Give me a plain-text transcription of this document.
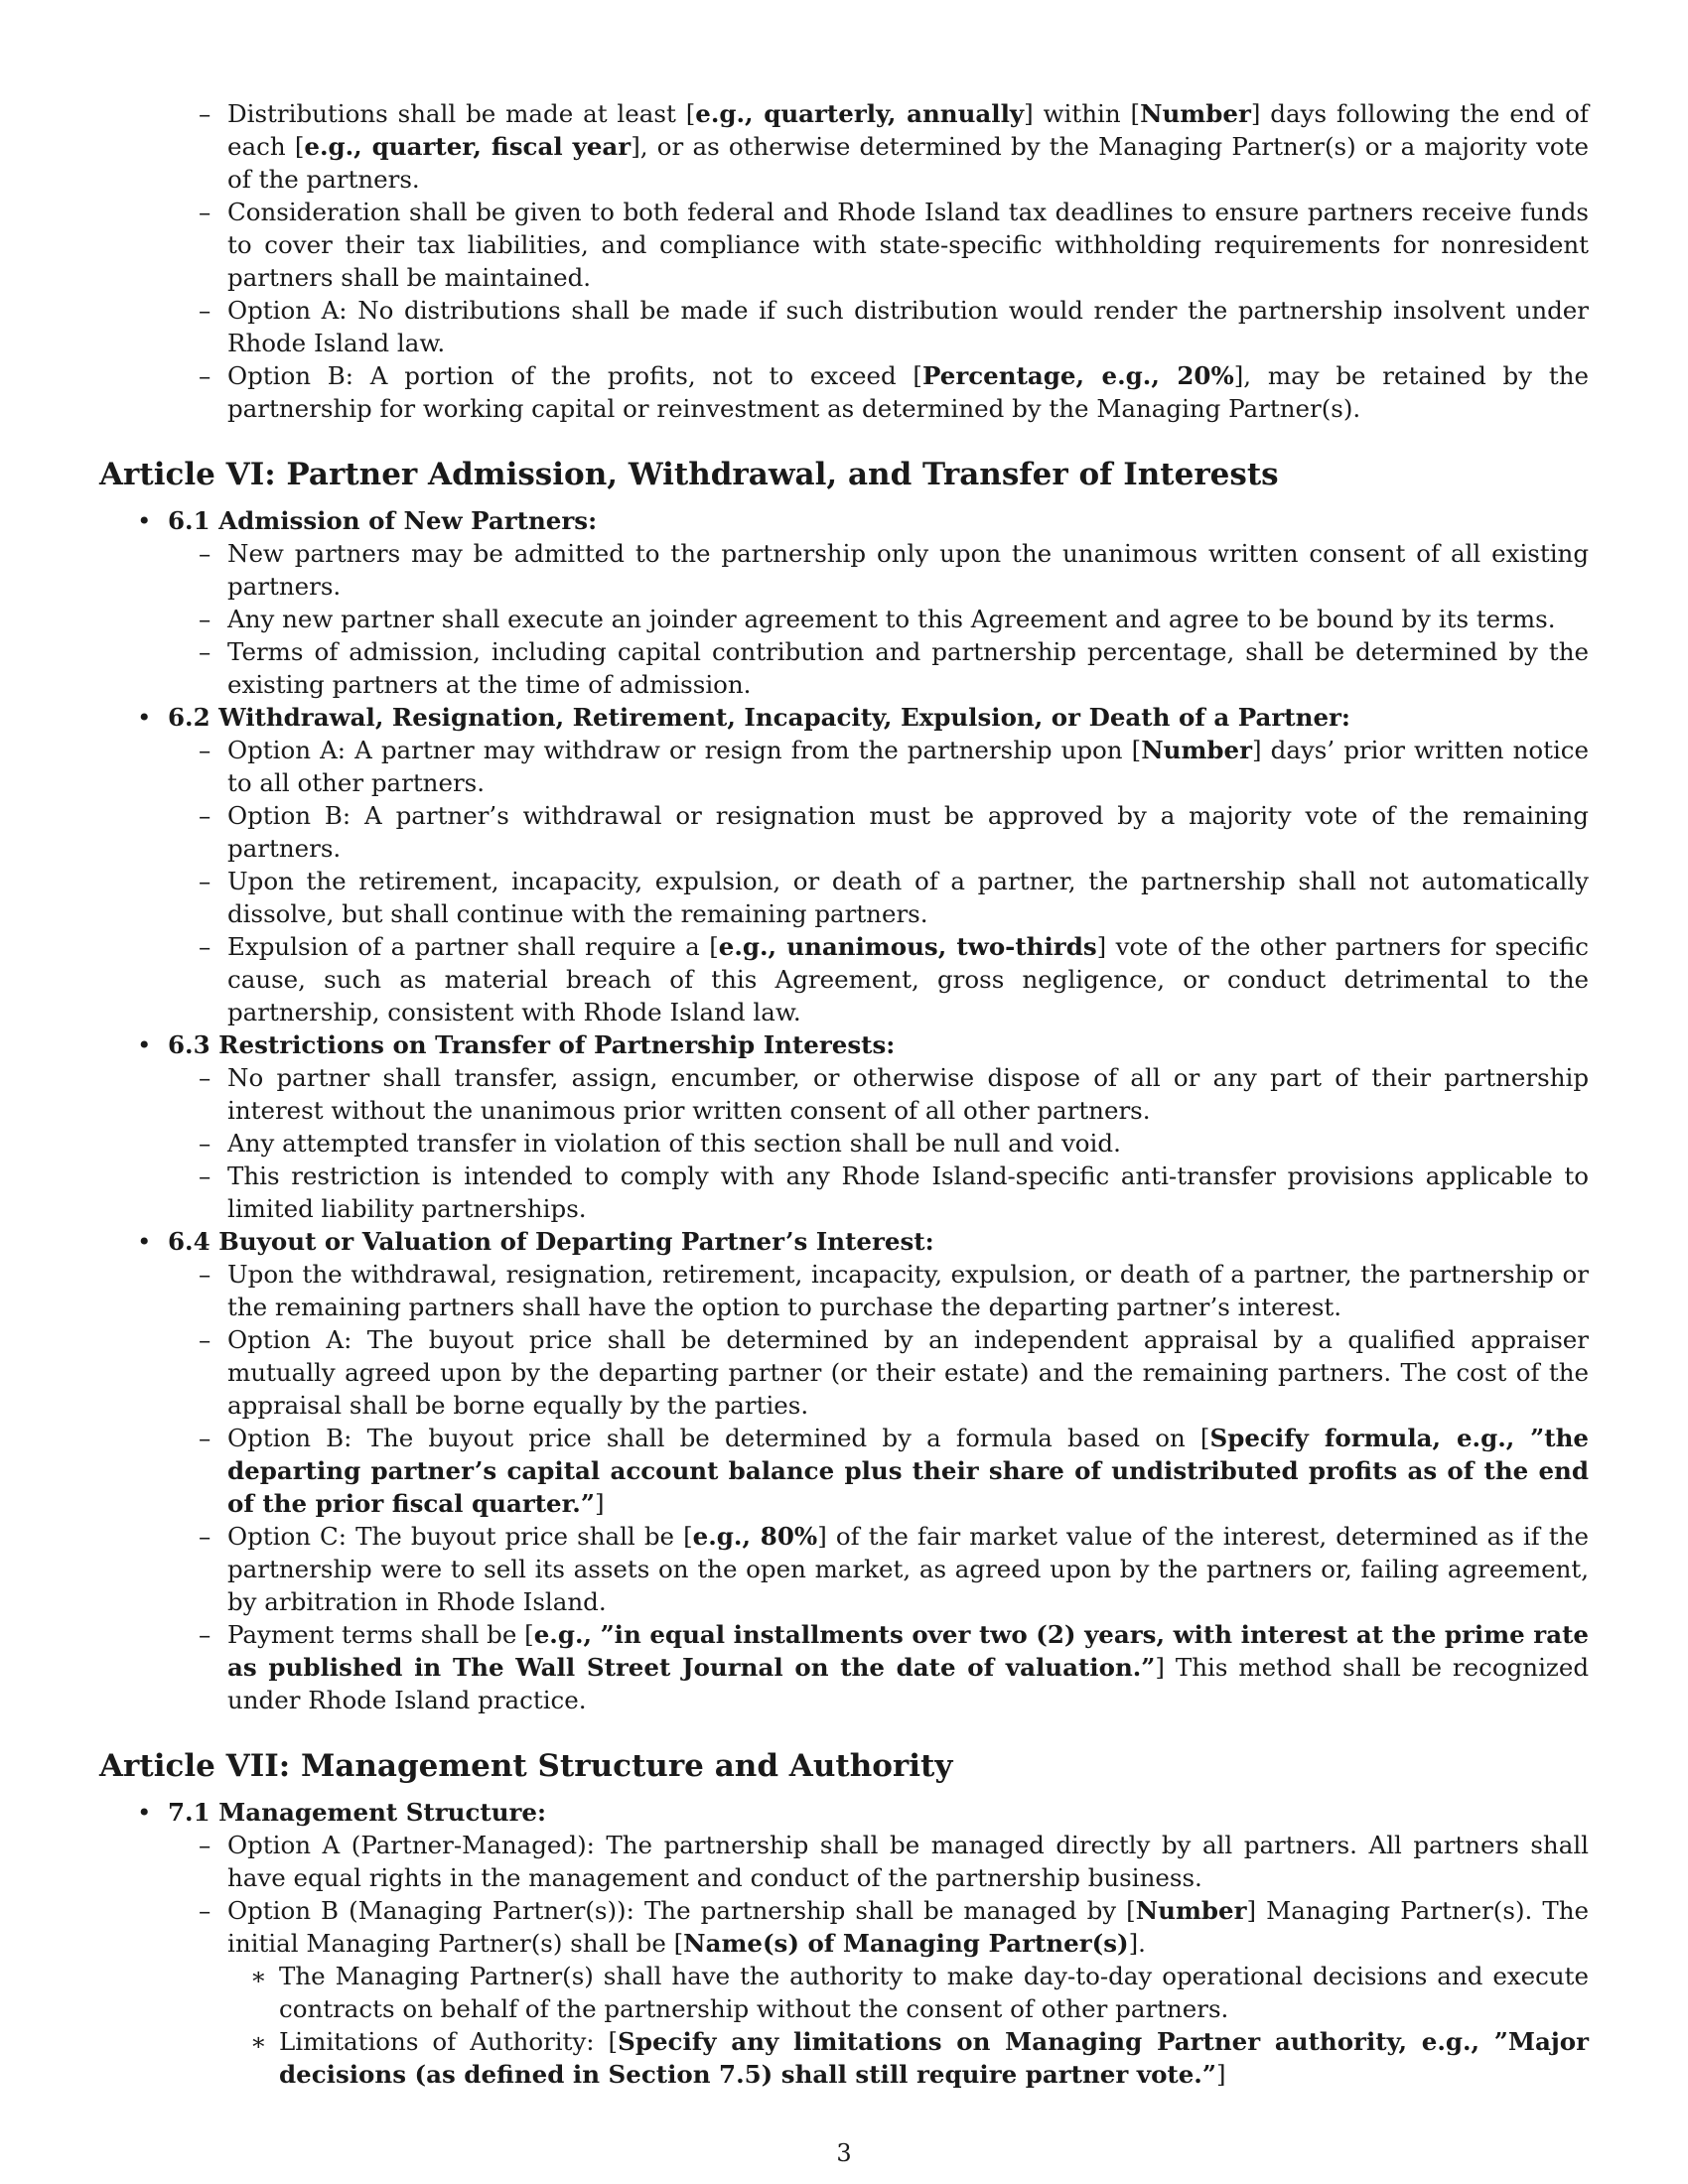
– Distributions shall be made at least [e.g., quarterly, annually] within [Number] days following the end of each [e.g., quarter, fiscal year], or as otherwise determined by the Managing Partner(s) or a majority vote of the partners.
– Consideration shall be given to both federal and Rhode Island tax deadlines to ensure partners receive funds to cover their tax liabilities, and compliance with state-specific withholding requirements for nonresident partners shall be maintained.
– Option A: No distributions shall be made if such distribution would render the partnership insolvent under Rhode Island law.
– Option B: A portion of the profits, not to exceed [Percentage, e.g., 20%], may be retained by the partnership for working capital or reinvestment as determined by the Managing Partner(s).
Article VI: Partner Admission, Withdrawal, and Transfer of Interests
• 6.1 Admission of New Partners:
– New partners may be admitted to the partnership only upon the unanimous written consent of all existing partners.
– Any new partner shall execute an joinder agreement to this Agreement and agree to be bound by its terms.
– Terms of admission, including capital contribution and partnership percentage, shall be determined by the existing partners at the time of admission.
• 6.2 Withdrawal, Resignation, Retirement, Incapacity, Expulsion, or Death of a Partner:
– Option A: A partner may withdraw or resign from the partnership upon [Number] days’ prior written notice to all other partners.
– Option B: A partner’s withdrawal or resignation must be approved by a majority vote of the remaining partners.
– Upon the retirement, incapacity, expulsion, or death of a partner, the partnership shall not automatically dissolve, but shall continue with the remaining partners.
– Expulsion of a partner shall require a [e.g., unanimous, two-thirds] vote of the other partners for specific cause, such as material breach of this Agreement, gross negligence, or conduct detrimental to the partnership, consistent with Rhode Island law.
• 6.3 Restrictions on Transfer of Partnership Interests:
– No partner shall transfer, assign, encumber, or otherwise dispose of all or any part of their partnership interest without the unanimous prior written consent of all other partners.
– Any attempted transfer in violation of this section shall be null and void.
– This restriction is intended to comply with any Rhode Island-specific anti-transfer provisions applicable to limited liability partnerships.
• 6.4 Buyout or Valuation of Departing Partner’s Interest:
– Upon the withdrawal, resignation, retirement, incapacity, expulsion, or death of a partner, the partnership or the remaining partners shall have the option to purchase the departing partner’s interest.
– Option A: The buyout price shall be determined by an independent appraisal by a qualified appraiser mutually agreed upon by the departing partner (or their estate) and the remaining partners. The cost of the appraisal shall be borne equally by the parties.
– Option B: The buyout price shall be determined by a formula based on [Specify formula, e.g., ”the departing partner’s capital account balance plus their share of undistributed profits as of the end of the prior fiscal quarter.”]
– Option C: The buyout price shall be [e.g., 80%] of the fair market value of the interest, determined as if the partnership were to sell its assets on the open market, as agreed upon by the partners or, failing agreement, by arbitration in Rhode Island.
– Payment terms shall be [e.g., ”in equal installments over two (2) years, with interest at the prime rate as published in The Wall Street Journal on the date of valuation.”] This method shall be recognized under Rhode Island practice.
Article VII: Management Structure and Authority
• 7.1 Management Structure:
– Option A (Partner-Managed): The partnership shall be managed directly by all partners. All partners shall have equal rights in the management and conduct of the partnership business.
– Option B (Managing Partner(s)): The partnership shall be managed by [Number] Managing Partner(s). The initial Managing Partner(s) shall be [Name(s) of Managing Partner(s)].
∗ The Managing Partner(s) shall have the authority to make day-to-day operational decisions and execute contracts on behalf of the partnership without the consent of other partners.
∗ Limitations of Authority: [Specify any limitations on Managing Partner authority, e.g., ”Major decisions (as defined in Section 7.5) shall still require partner vote.”]
3
